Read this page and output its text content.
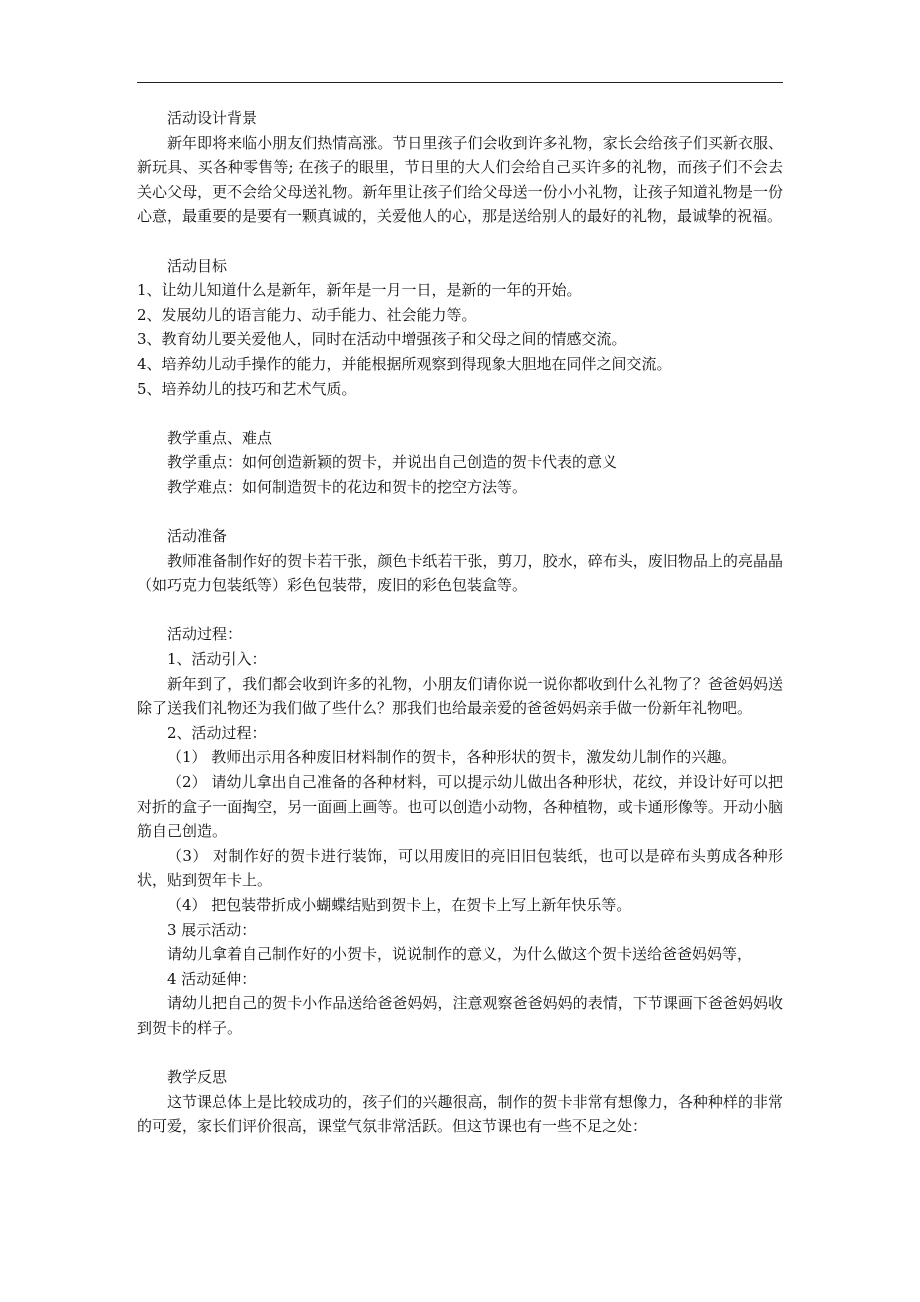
活动设计背景

新年即将来临小朋友们热情高涨。节日里孩子们会收到许多礼物，家长会给孩子们买新衣服、新玩具、买各种零售等; 在孩子的眼里，节日里的大人们会给自己买许多的礼物，而孩子们不会去关心父母，更不会给父母送礼物。新年里让孩子们给父母送一份小小礼物，让孩子知道礼物是一份心意，最重要的是要有一颗真诚的，关爱他人的心，那是送给别人的最好的礼物，最诚挚的祝福。

活动目标

1、让幼儿知道什么是新年，新年是一月一日，是新的一年的开始。

2、发展幼儿的语言能力、动手能力、社会能力等。

3、教育幼儿要关爱他人，同时在活动中增强孩子和父母之间的情感交流。

4、培养幼儿动手操作的能力，并能根据所观察到得现象大胆地在同伴之间交流。

5、培养幼儿的技巧和艺术气质。

教学重点、难点

教学重点：如何创造新颖的贺卡，并说出自己创造的贺卡代表的意义

教学难点：如何制造贺卡的花边和贺卡的挖空方法等。

活动准备

教师准备制作好的贺卡若干张，颜色卡纸若干张，剪刀，胶水，碎布头，废旧物品上的亮晶晶（如巧克力包装纸等）彩色包装带，废旧的彩色包装盒等。

活动过程：

1、活动引入：

新年到了，我们都会收到许多的礼物，小朋友们请你说一说你都收到什么礼物了？爸爸妈妈送除了送我们礼物还为我们做了些什么？那我们也给最亲爱的爸爸妈妈亲手做一份新年礼物吧。

2、活动过程：

（1） 教师出示用各种废旧材料制作的贺卡，各种形状的贺卡，激发幼儿制作的兴趣。

（2） 请幼儿拿出自己准备的各种材料，可以提示幼儿做出各种形状，花纹，并设计好可以把对折的盒子一面掏空，另一面画上画等。也可以创造小动物，各种植物，或卡通形像等。开动小脑筋自己创造。

（3） 对制作好的贺卡进行装饰，可以用废旧的亮旧旧包装纸，也可以是碎布头剪成各种形状，贴到贺年卡上。

（4） 把包装带折成小蝴蝶结贴到贺卡上，在贺卡上写上新年快乐等。

3 展示活动：

请幼儿拿着自己制作好的小贺卡，说说制作的意义，为什么做这个贺卡送给爸爸妈妈等，

4 活动延伸：

请幼儿把自己的贺卡小作品送给爸爸妈妈，注意观察爸爸妈妈的表情，下节课画下爸爸妈妈收到贺卡的样子。

教学反思

这节课总体上是比较成功的，孩子们的兴趣很高，制作的贺卡非常有想像力，各种种样的非常的可爱，家长们评价很高，课堂气氛非常活跃。但这节课也有一些不足之处：
